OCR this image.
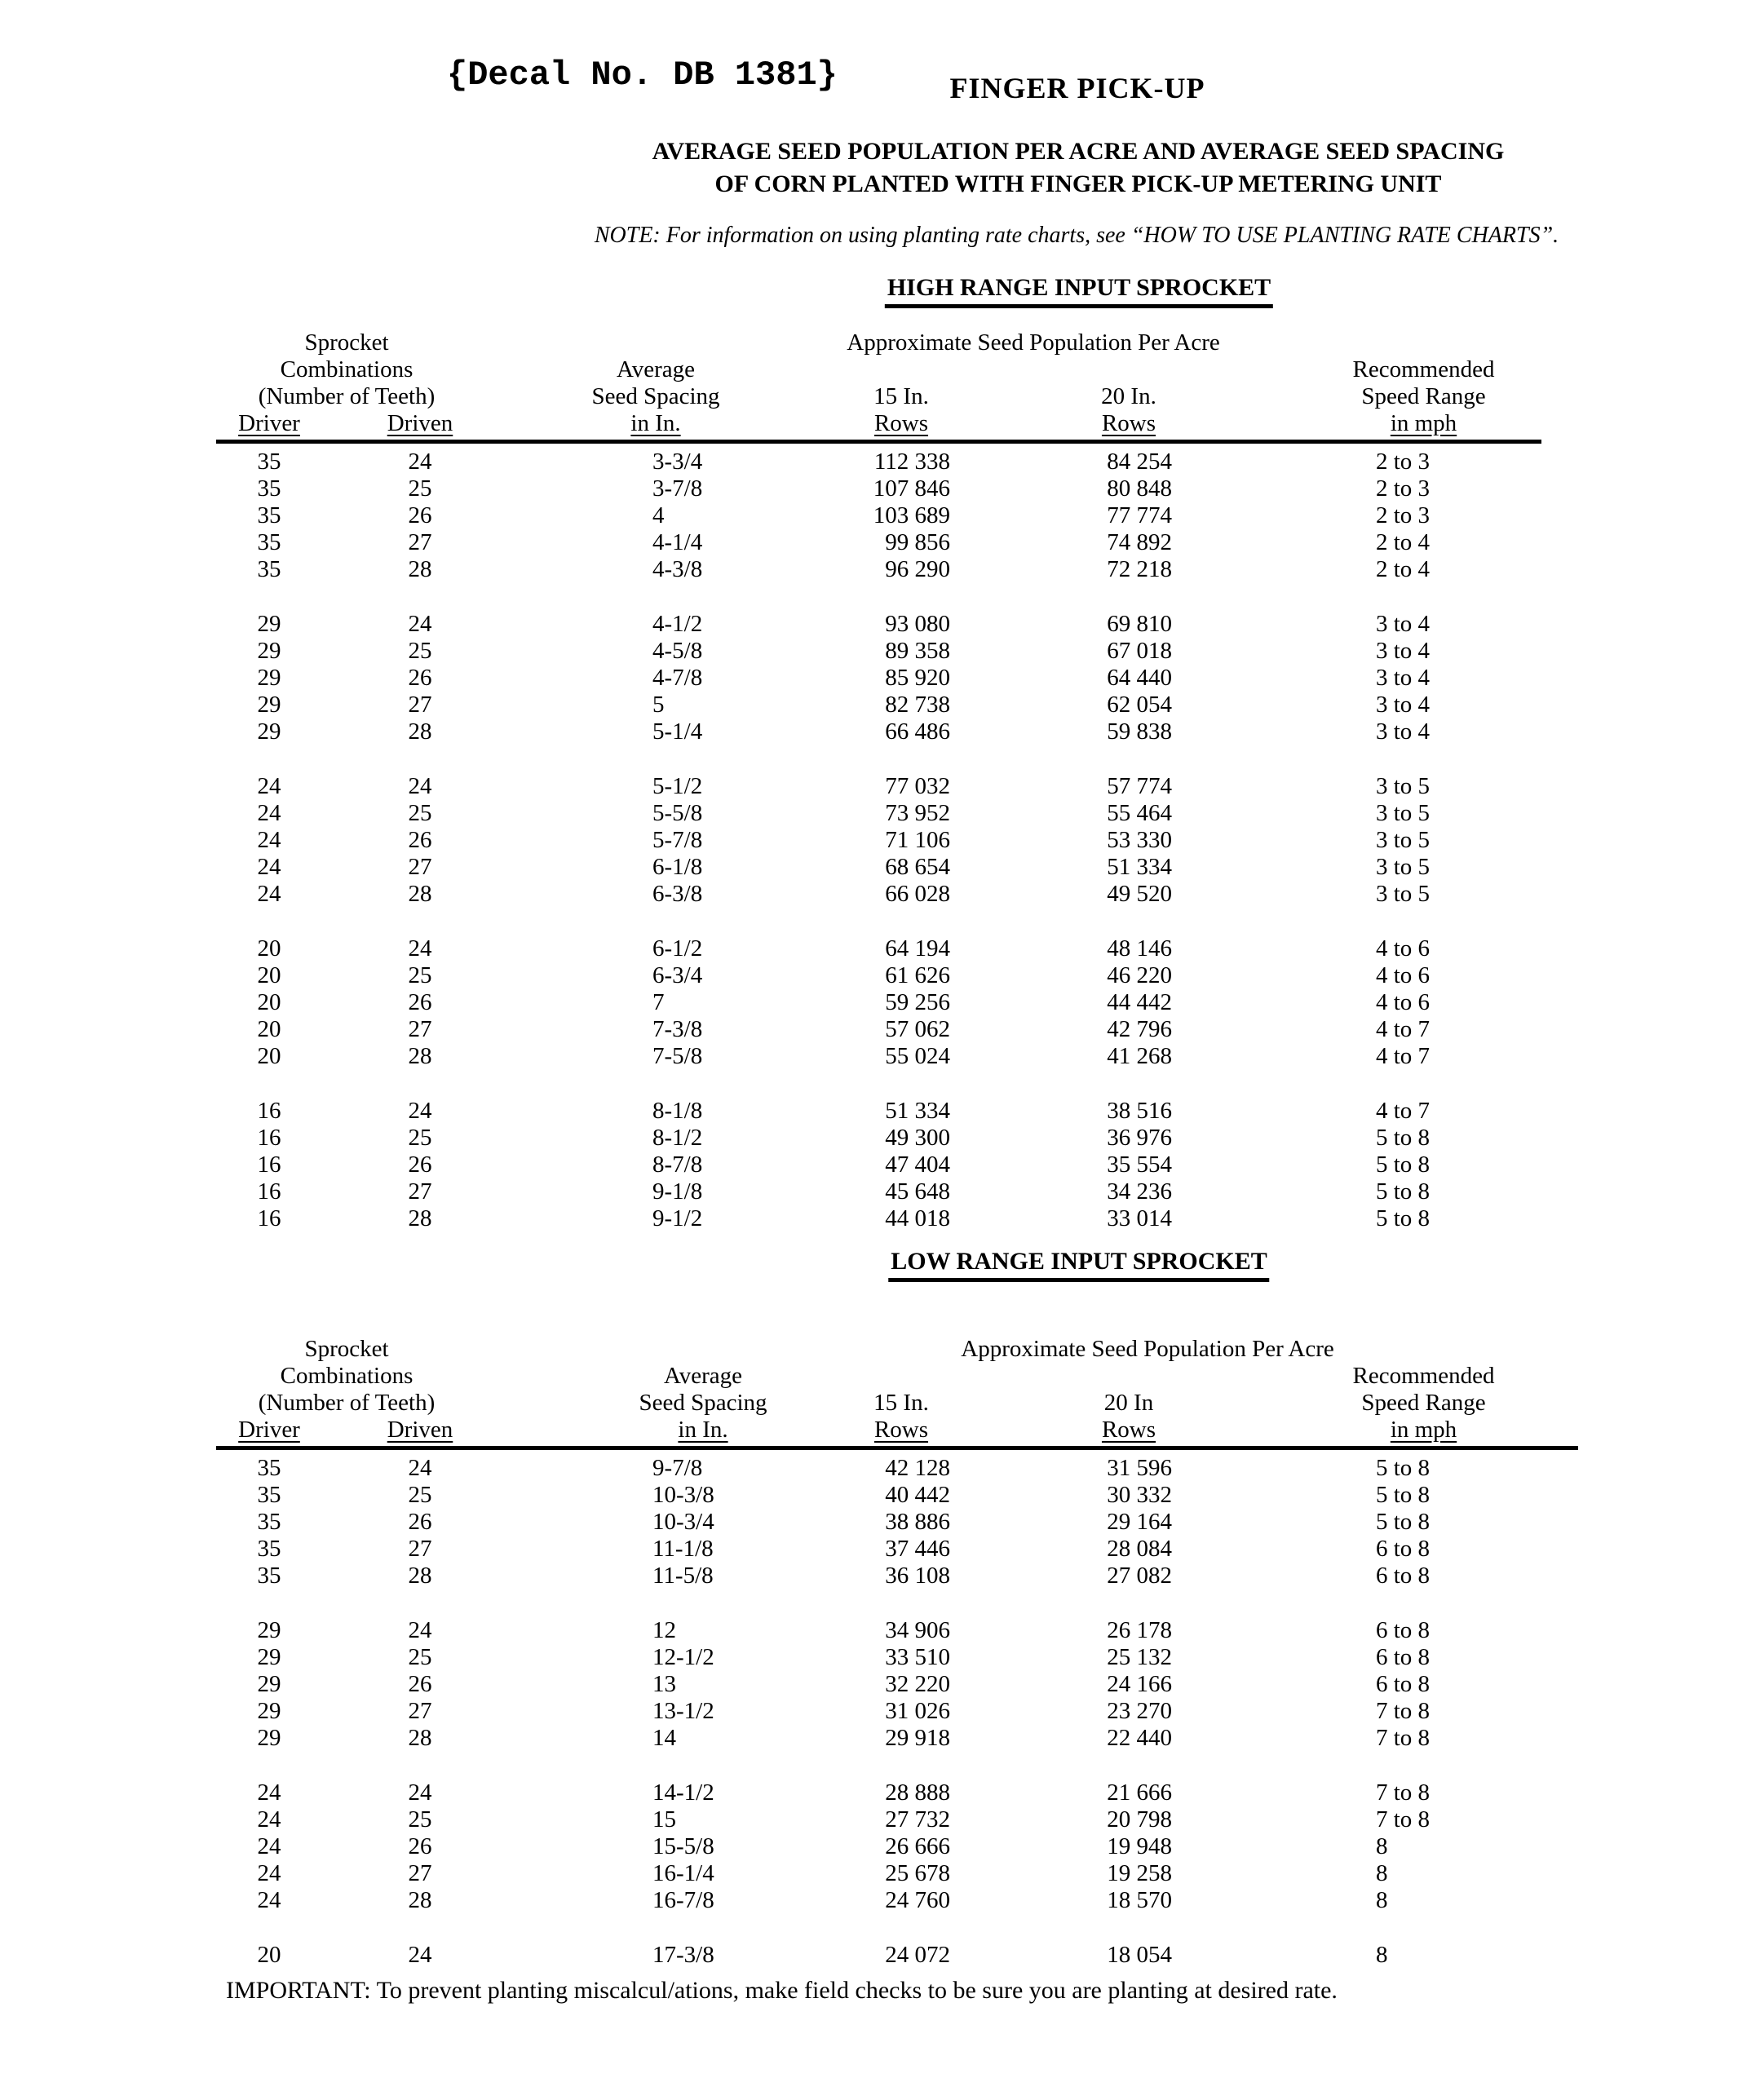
{Decal No. DB 1381}	FINGER PICK-UP
AVERAGE SEED POPULATION PER ACRE AND AVERAGE SEED SPACING
OF CORN PLANTED WITH FINGER PICK-UP METERING UNIT
NOTE: For information on using planting rate charts, see “HOW TO USE PLANTING RATE CHARTS”.
HIGH RANGE INPUT SPROCKET
Sprocket	Approximate Seed Population Per Acre
Combinations	Average	Recommended
(Number of Teeth)	Seed Spacing	15 In.	20 In.	Speed Range
Driver	Driven	in In.	Rows	Rows	in mph
35	24	3-3/4	112 338	84 254	2 to 3
35	25	3-7/8	107 846	80 848	2 to 3
35	26	4	103 689	77 774	2 to 3
35	27	4-1/4	99 856	74 892	2 to 4
35	28	4-3/8	96 290	72 218	2 to 4
29	24	4-1/2	93 080	69 810	3 to 4
29	25	4-5/8	89 358	67 018	3 to 4
29	26	4-7/8	85 920	64 440	3 to 4
29	27	5	82 738	62 054	3 to 4
29	28	5-1/4	66 486	59 838	3 to 4
24	24	5-1/2	77 032	57 774	3 to 5
24	25	5-5/8	73 952	55 464	3 to 5
24	26	5-7/8	71 106	53 330	3 to 5
24	27	6-1/8	68 654	51 334	3 to 5
24	28	6-3/8	66 028	49 520	3 to 5
20	24	6-1/2	64 194	48 146	4 to 6
20	25	6-3/4	61 626	46 220	4 to 6
20	26	7	59 256	44 442	4 to 6
20	27	7-3/8	57 062	42 796	4 to 7
20	28	7-5/8	55 024	41 268	4 to 7
16	24	8-1/8	51 334	38 516	4 to 7
16	25	8-1/2	49 300	36 976	5 to 8
16	26	8-7/8	47 404	35 554	5 to 8
16	27	9-1/8	45 648	34 236	5 to 8
16	28	9-1/2	44 018	33 014	5 to 8
LOW RANGE INPUT SPROCKET
Sprocket	Approximate Seed Population Per Acre
Combinations	Average	Recommended
(Number of Teeth)	Seed Spacing	15 In.	20 In	Speed Range
Driver	Driven	in In.	Rows	Rows	in mph
35	24	9-7/8	42 128	31 596	5 to 8
35	25	10-3/8	40 442	30 332	5 to 8
35	26	10-3/4	38 886	29 164	5 to 8
35	27	11-1/8	37 446	28 084	6 to 8
35	28	11-5/8	36 108	27 082	6 to 8
29	24	12	34 906	26 178	6 to 8
29	25	12-1/2	33 510	25 132	6 to 8
29	26	13	32 220	24 166	6 to 8
29	27	13-1/2	31 026	23 270	7 to 8
29	28	14	29 918	22 440	7 to 8
24	24	14-1/2	28 888	21 666	7 to 8
24	25	15	27 732	20 798	7 to 8
24	26	15-5/8	26 666	19 948	8
24	27	16-1/4	25 678	19 258	8
24	28	16-7/8	24 760	18 570	8
20	24	17-3/8	24 072	18 054	8
IMPORTANT: To prevent planting miscalcul/ations, make field checks to be sure you are planting at desired rate.
